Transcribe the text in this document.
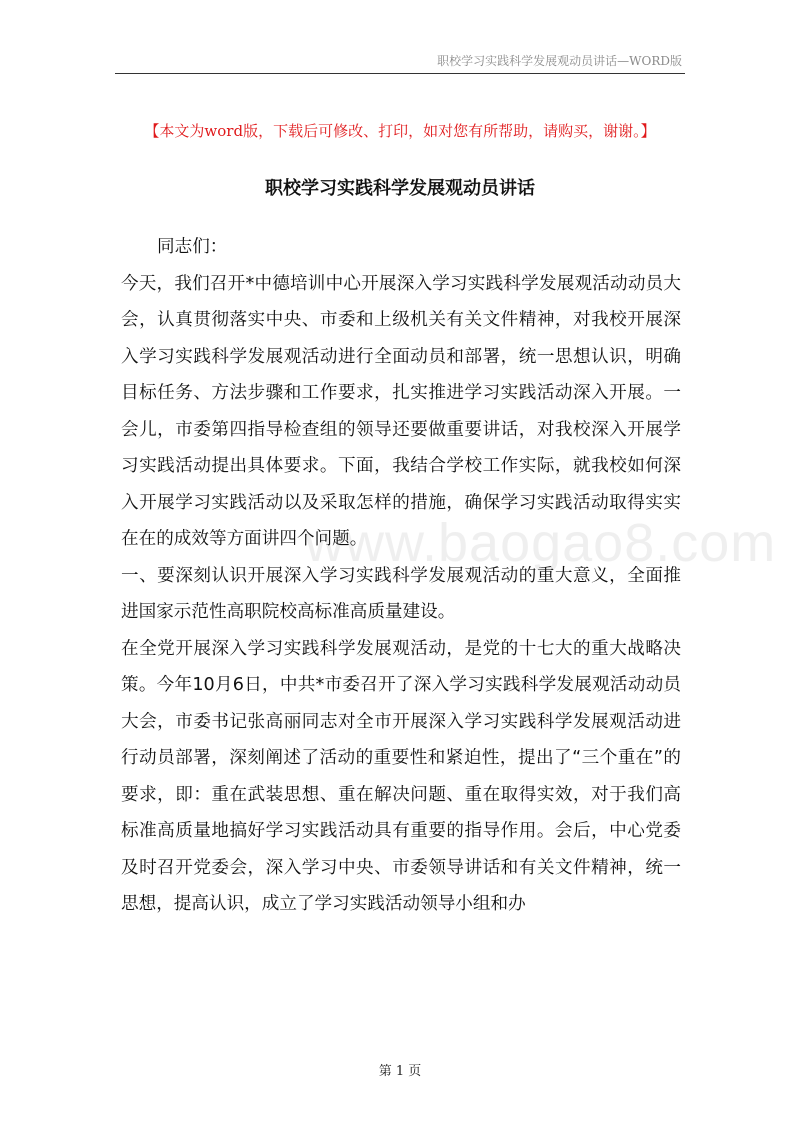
职校学习实践科学发展观动员讲话—WORD版
【本文为word版，下载后可修改、打印，如对您有所帮助，请购买，谢谢。】
职校学习实践科学发展观动员讲话
www.baogao8.com

同志们：

今天，我们召开*中德培训中心开展深入学习实践科学发展观活动动员大会，认真贯彻落实中央、市委和上级机关有关文件精神，对我校开展深入学习实践科学发展观活动进行全面动员和部署，统一思想认识，明确目标任务、方法步骤和工作要求，扎实推进学习实践活动深入开展。一会儿，市委第四指导检查组的领导还要做重要讲话，对我校深入开展学习实践活动提出具体要求。下面，我结合学校工作实际，就我校如何深入开展学习实践活动以及采取怎样的措施，确保学习实践活动取得实实在在的成效等方面讲四个问题。

一、要深刻认识开展深入学习实践科学发展观活动的重大意义，全面推进国家示范性高职院校高标准高质量建设。

在全党开展深入学习实践科学发展观活动，是党的十七大的重大战略决策。今年10月6日，中共*市委召开了深入学习实践科学发展观活动动员大会，市委书记张高丽同志对全市开展深入学习实践科学发展观活动进行动员部署，深刻阐述了活动的重要性和紧迫性，提出了“三个重在”的要求，即：重在武装思想、重在解决问题、重在取得实效，对于我们高标准高质量地搞好学习实践活动具有重要的指导作用。会后，中心党委及时召开党委会，深入学习中央、市委领导讲话和有关文件精神，统一思想，提高认识，成立了学习实践活动领导小组和办

第 1 页
